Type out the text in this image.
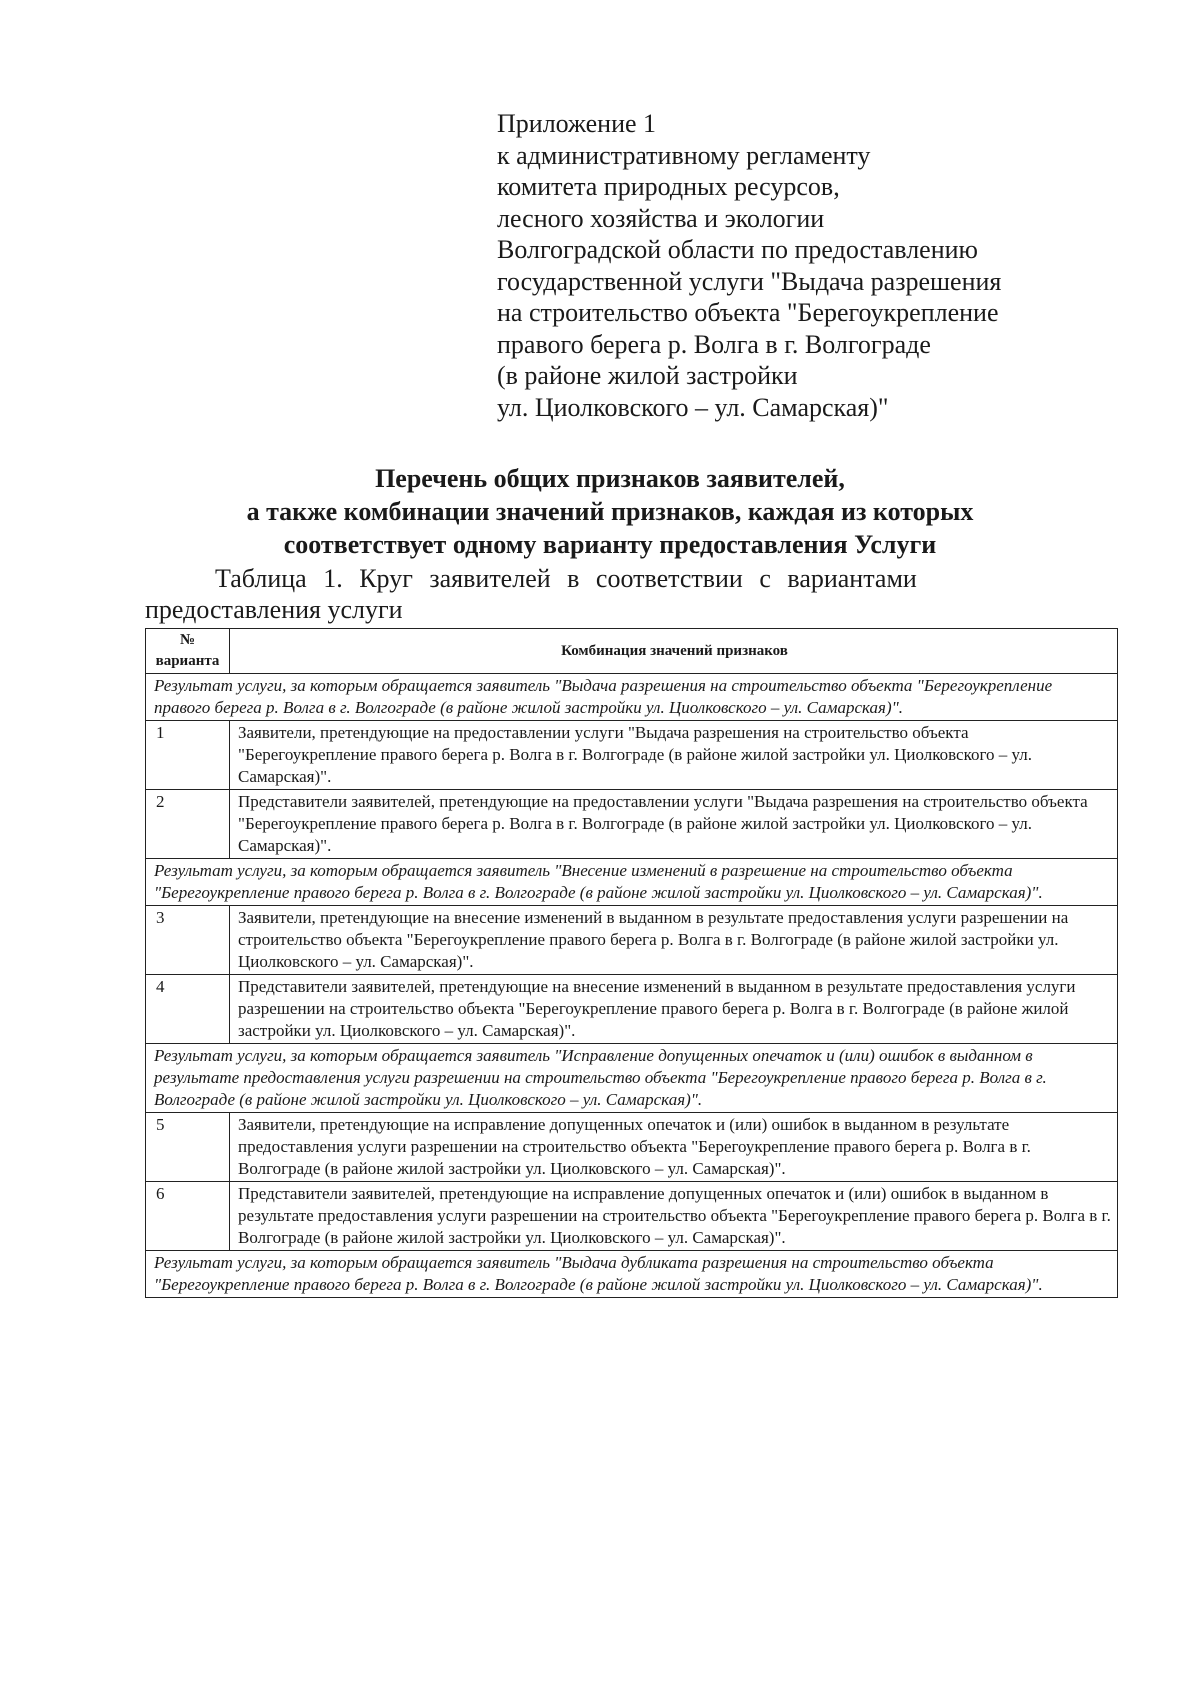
Приложение 1
к административному регламенту
комитета природных ресурсов,
лесного хозяйства и экологии
Волгоградской области по предоставлению
государственной услуги "Выдача разрешения
на строительство объекта "Берегоукрепление
правого берега р. Волга в г. Волгограде
(в районе жилой застройки
ул. Циолковского – ул. Самарская)"
Перечень общих признаков заявителей,
а также комбинации значений признаков, каждая из которых
соответствует одному варианту предоставления Услуги
Таблица 1. Круг заявителей в соответствии с вариантами
предоставления услуги
№ варианта	Комбинация значений признаков
Результат услуги, за которым обращается заявитель "Выдача разрешения на строительство объекта "Берегоукрепление правого берега р. Волга в г. Волгограде (в районе жилой застройки ул. Циолковского – ул. Самарская)".	
1	Заявители, претендующие на предоставлении услуги "Выдача разрешения на строительство объекта "Берегоукрепление правого берега р. Волга в г. Волгограде (в районе жилой застройки ул. Циолковского – ул. Самарская)".
2	Представители заявителей, претендующие на предоставлении услуги "Выдача разрешения на строительство объекта "Берегоукрепление правого берега р. Волга в г. Волгограде (в районе жилой застройки ул. Циолковского – ул. Самарская)".
Результат услуги, за которым обращается заявитель "Внесение изменений в разрешение на строительство объекта "Берегоукрепление правого берега р. Волга в г. Волгограде (в районе жилой застройки ул. Циолковского – ул. Самарская)".	
3	Заявители, претендующие на внесение изменений в выданном в результате предоставления услуги разрешении на строительство объекта "Берегоукрепление правого берега р. Волга в г. Волгограде (в районе жилой застройки ул. Циолковского – ул. Самарская)".
4	Представители заявителей, претендующие на внесение изменений в выданном в результате предоставления услуги разрешении на строительство объекта "Берегоукрепление правого берега р. Волга в г. Волгограде (в районе жилой застройки ул. Циолковского – ул. Самарская)".
Результат услуги, за которым обращается заявитель "Исправление допущенных опечаток и (или) ошибок в выданном в результате предоставления услуги разрешении на строительство объекта "Берегоукрепление правого берега р. Волга в г. Волгограде (в районе жилой застройки ул. Циолковского – ул. Самарская)".	
5	Заявители, претендующие на исправление допущенных опечаток и (или) ошибок в выданном в результате предоставления услуги разрешении на строительство объекта "Берегоукрепление правого берега р. Волга в г. Волгограде (в районе жилой застройки ул. Циолковского – ул. Самарская)".
6	Представители заявителей, претендующие на исправление допущенных опечаток и (или) ошибок в выданном в результате предоставления услуги разрешении на строительство объекта "Берегоукрепление правого берега р. Волга в г. Волгограде (в районе жилой застройки ул. Циолковского – ул. Самарская)".
Результат услуги, за которым обращается заявитель "Выдача дубликата разрешения на строительство объекта "Берегоукрепление правого берега р. Волга в г. Волгограде (в районе жилой застройки ул. Циолковского – ул. Самарская)".	
